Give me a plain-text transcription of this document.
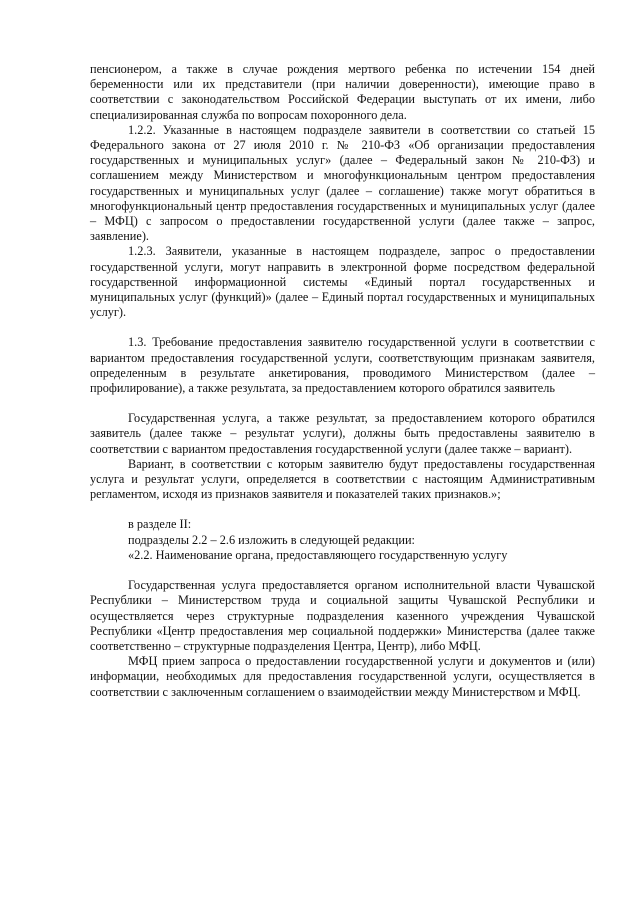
пенсионером, а также в случае рождения мертвого ребенка по истечении 154 дней беременности или их представители (при наличии доверенности), имеющие право в соответствии с законодательством Российской Федерации выступать от их имени, либо специализированная служба по вопросам похоронного дела.

1.2.2. Указанные в настоящем подразделе заявители в соответствии со статьей 15 Федерального закона от 27 июля 2010 г. № 210-ФЗ «Об организации предоставления государственных и муниципальных услуг» (далее – Федеральный закон № 210-ФЗ) и соглашением между Министерством и многофункциональным центром предоставления государственных и муниципальных услуг (далее – соглашение) также могут обратиться в многофункциональный центр предоставления государственных и муниципальных услуг (далее – МФЦ) с запросом о предоставлении государственной услуги (далее также – запрос, заявление).

1.2.3. Заявители, указанные в настоящем подразделе, запрос о предоставлении государственной услуги, могут направить в электронной форме посредством федеральной государственной информационной системы «Единый портал государственных и муниципальных услуг (функций)» (далее – Единый портал государственных и муниципальных услуг).

1.3. Требование предоставления заявителю государственной услуги в соответствии с вариантом предоставления государственной услуги, соответствующим признакам заявителя, определенным в результате анкетирования, проводимого Министерством (далее – профилирование), а также результата, за предоставлением которого обратился заявитель

Государственная услуга, а также результат, за предоставлением которого обратился заявитель (далее также – результат услуги), должны быть предоставлены заявителю в соответствии с вариантом предоставления государственной услуги (далее также – вариант).

Вариант, в соответствии с которым заявителю будут предоставлены государственная услуга и результат услуги, определяется в соответствии с настоящим Административным регламентом, исходя из признаков заявителя и показателей таких признаков.»;

в разделе II:

подразделы 2.2 – 2.6 изложить в следующей редакции:

«2.2. Наименование органа, предоставляющего государственную услугу

Государственная услуга предоставляется органом исполнительной власти Чувашской Республики – Министерством труда и социальной защиты Чувашской Республики и осуществляется через структурные подразделения казенного учреждения Чувашской Республики «Центр предоставления мер социальной поддержки» Министерства (далее также соответственно – структурные подразделения Центра, Центр), либо МФЦ.

МФЦ прием запроса о предоставлении государственной услуги и документов и (или) информации, необходимых для предоставления государственной услуги, осуществляется в соответствии с заключенным соглашением о взаимодействии между Министерством и МФЦ.
